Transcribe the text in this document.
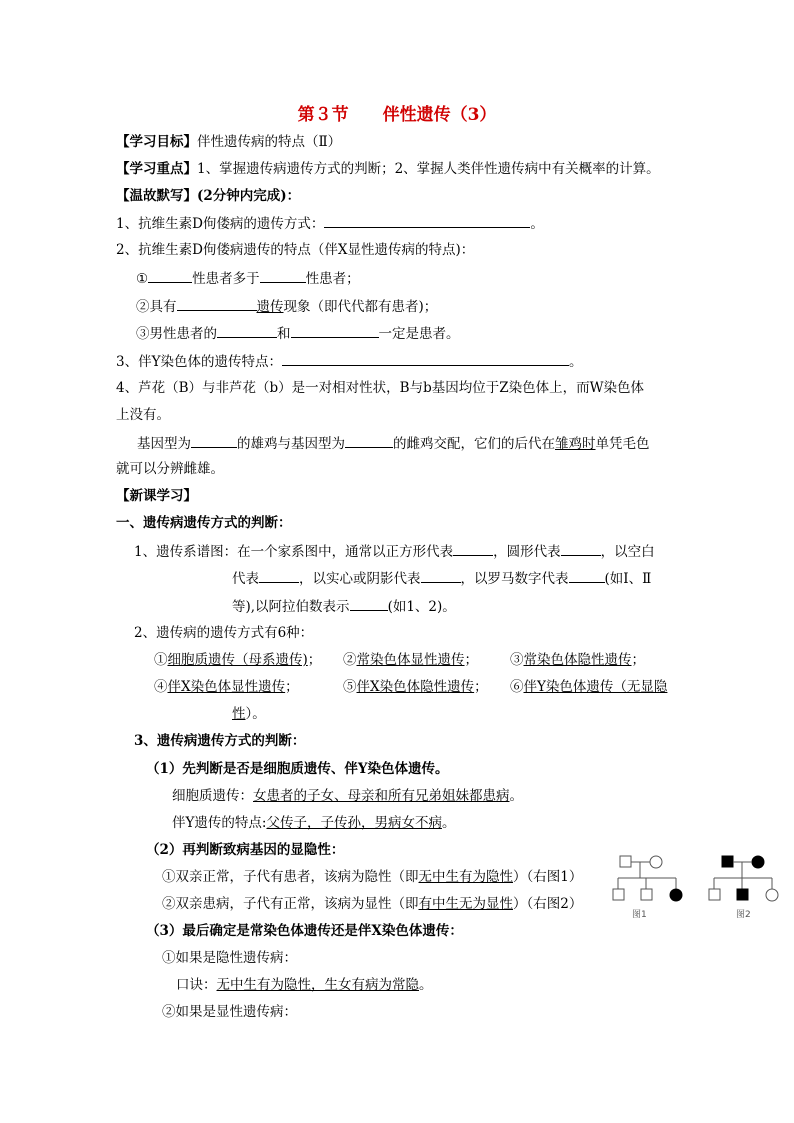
第３节 伴性遗传（3）
【学习目标】伴性遗传病的特点（Ⅱ）
【学习重点】1、掌握遗传病遗传方式的判断；2、掌握人类伴性遗传病中有关概率的计算。
【温故默写】(2分钟内完成)：
1、抗维生素D佝偻病的遗传方式：	。
2、抗维生素D佝偻病遗传的特点（伴X显性遗传病的特点)：
①	性患者多于	性患者；
②具有	遗传现象（即代代都有患者)；
③男性患者的	和	一定是患者。
3、伴Y染色体的遗传特点：	。
4、芦花（B）与非芦花（b）是一对相对性状，B与b基因均位于Z染色体上，而W染色体
上没有。
基因型为	的雄鸡与基因型为	的雌鸡交配，它们的后代在雏鸡时单凭毛色
就可以分辨雌雄。
【新课学习】
一、遗传病遗传方式的判断：
1、遗传系谱图：在一个家系图中，通常以正方形代表	，圆形代表	，以空白
代表	，以实心或阴影代表	，以罗马数字代表	(如Ⅰ、Ⅱ
等),以阿拉伯数表示	(如1、2)。
2、遗传病的遗传方式有6种：
①细胞质遗传（母系遗传)； ②常染色体显性遗传； ③常染色体隐性遗传；
④伴X染色体显性遗传；	⑤伴X染色体隐性遗传； ⑥伴Y染色体遗传（无显隐
性）。
3、遗传病遗传方式的判断：
（1）先判断是否是细胞质遗传、伴Y染色体遗传。
细胞质遗传：女患者的子女、母亲和所有兄弟姐妹都患病。
伴Y遗传的特点:父传子，子传孙，男病女不病。
（2）再判断致病基因的显隐性：
①双亲正常，子代有患者，该病为隐性（即无中生有为隐性）（右图1）
②双亲患病，子代有正常，该病为显性（即有中生无为显性）（右图2）
（3）最后确定是常染色体遗传还是伴X染色体遗传：
①如果是隐性遗传病：
口诀：无中生有为隐性，生女有病为常隐。
②如果是显性遗传病：
图1	图2
